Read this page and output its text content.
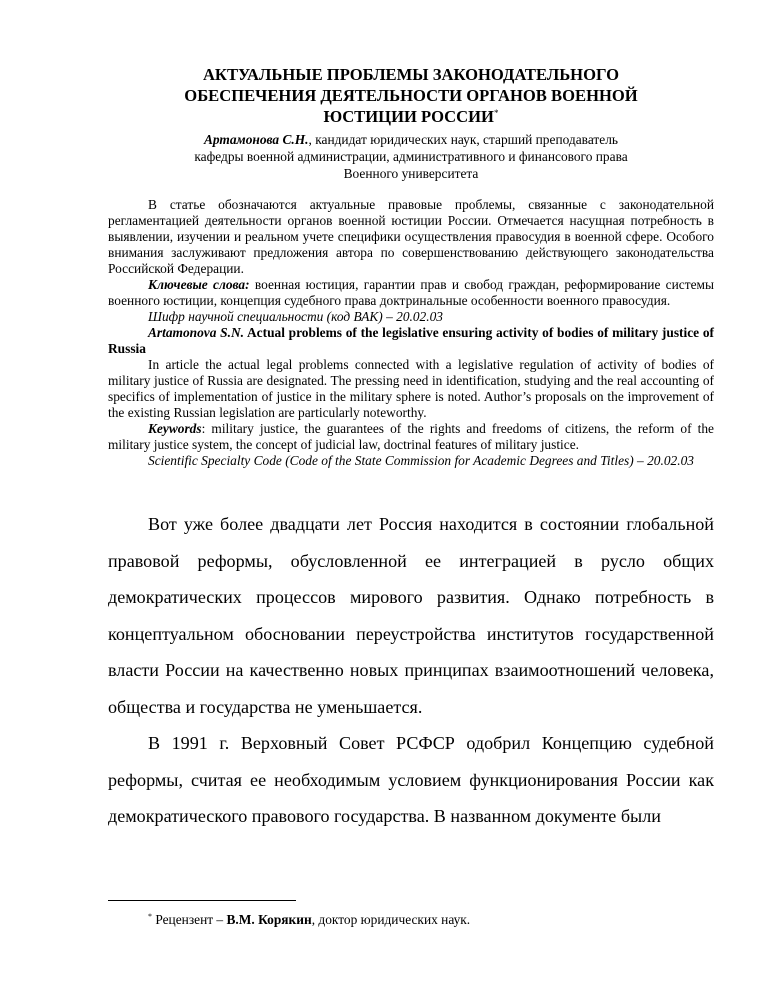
АКТУАЛЬНЫЕ ПРОБЛЕМЫ ЗАКОНОДАТЕЛЬНОГО
ОБЕСПЕЧЕНИЯ ДЕЯТЕЛЬНОСТИ ОРГАНОВ ВОЕННОЙ
ЮСТИЦИИ РОССИИ*
Артамонова С.Н., кандидат юридических наук, старший преподаватель
кафедры военной администрации, административного и финансового права
Военного университета

В статье обозначаются актуальные правовые проблемы, связанные с законодательной регламентацией деятельности органов военной юстиции России. Отмечается насущная потребность в выявлении, изучении и реальном учете специфики осуществления правосудия в военной сфере. Особого внимания заслуживают предложения автора по совершенствованию действующего законодательства Российской Федерации.

Ключевые слова: военная юстиция, гарантии прав и свобод граждан, реформирование системы военного юстиции, концепция судебного права доктринальные особенности военного правосудия.

Шифр научной специальности (код ВАК) – 20.02.03

Artamonova S.N. Actual problems of the legislative ensuring activity of bodies of military justice of Russia

In article the actual legal problems connected with a legislative regulation of activity of bodies of military justice of Russia are designated. The pressing need in identification, studying and the real accounting of specifics of implementation of justice in the military sphere is noted. Author’s proposals on the improvement of the existing Russian legislation are particularly noteworthy.

Keywords: military justice, the guarantees of the rights and freedoms of citizens, the reform of the military justice system, the concept of judicial law, doctrinal features of military justice.

Scientific Specialty Code (Code of the State Commission for Academic Degrees and Titles) – 20.02.03

Вот уже более двадцати лет Россия находится в состоянии глобальной правовой реформы, обусловленной ее интеграцией в русло общих демократических процессов мирового развития. Однако потребность в концептуальном обосновании переустройства институтов государственной власти России на качественно новых принципах взаимоотношений человека, общества и государства не уменьшается.

В 1991 г. Верховный Совет РСФСР одобрил Концепцию судебной реформы, считая ее необходимым условием функционирования России как демократического правового государства. В названном документе были

* Рецензент – В.М. Корякин, доктор юридических наук.
